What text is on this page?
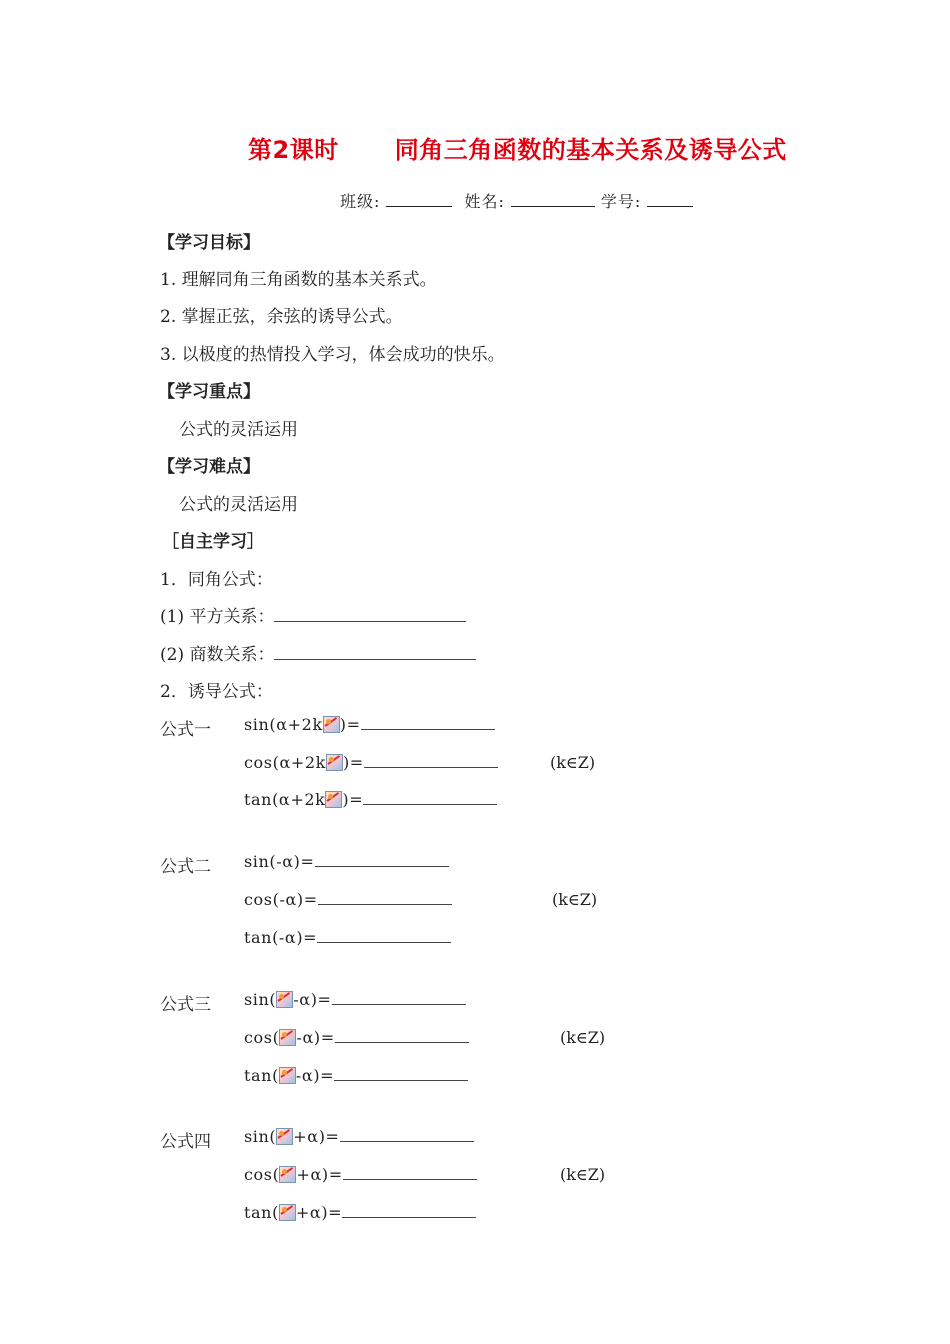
第2课时 同角三角函数的基本关系及诱导公式
班级:	姓名:	学号:
【学习目标】
1. 理解同角三角函数的基本关系式。
2. 掌握正弦，余弦的诱导公式。
3. 以极度的热情投入学习，体会成功的快乐。
【学习重点】
公式的灵活运用
【学习难点】
公式的灵活运用
［自主学习］
1．同角公式：
(1) 平方关系：
(2) 商数关系：
2．诱导公式：
公式一 sin(α+2k )=
cos(α+2k )=	(k∈Z)
tan(α+2k )=
公式二 sin(-α)=
cos(-α)=	(k∈Z)
tan(-α)=
公式三 sin( -α)=
cos( -α)=	(k∈Z)
tan( -α)=
公式四 sin( +α)=
cos( +α)=	(k∈Z)
tan( +α)=
